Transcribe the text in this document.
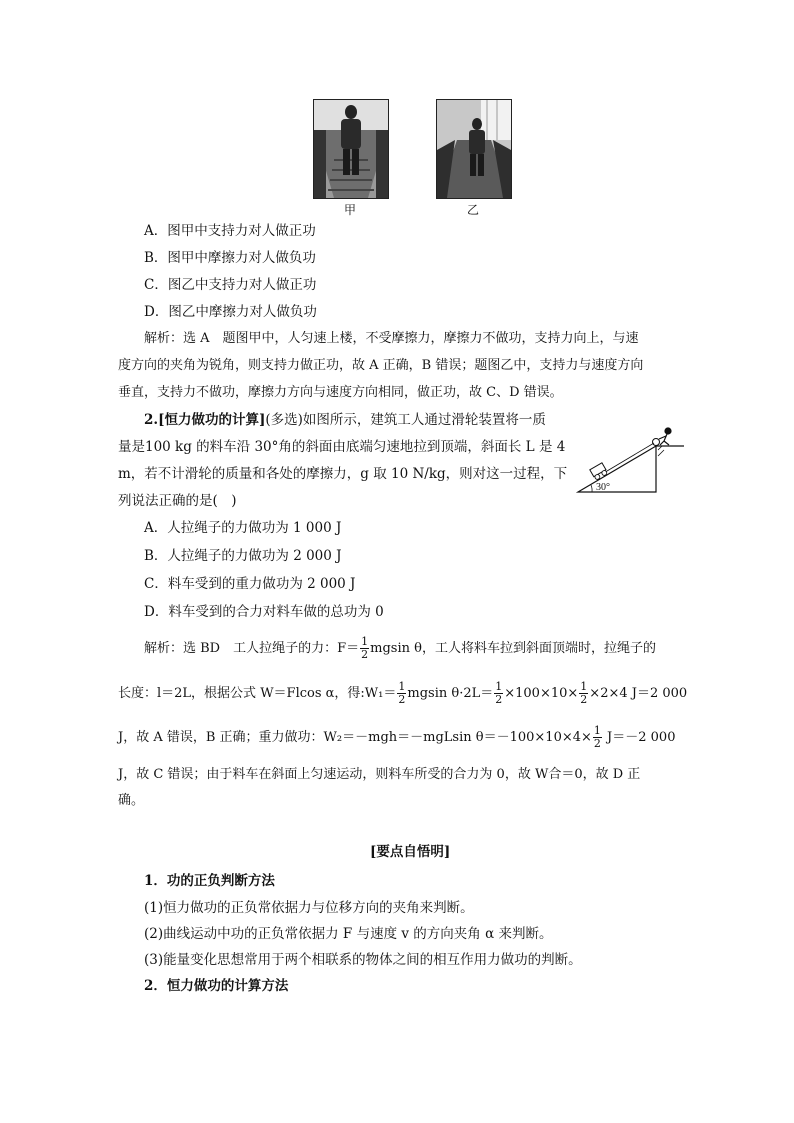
甲	乙
A．图甲中支持力对人做正功
B．图甲中摩擦力对人做负功
C．图乙中支持力对人做正功
D．图乙中摩擦力对人做负功
解析：选 A　题图甲中，人匀速上楼，不受摩擦力，摩擦力不做功，支持力向上，与速
度方向的夹角为锐角，则支持力做正功，故 A 正确，B 错误；题图乙中，支持力与速度方向
垂直，支持力不做功，摩擦力方向与速度方向相同，做正功，故 C、D 错误。
2.[恒力做功的计算](多选)如图所示，建筑工人通过滑轮装置将一质
量是100 kg 的料车沿 30°角的斜面由底端匀速地拉到顶端，斜面长 L 是 4
m，若不计滑轮的质量和各处的摩擦力，g 取 10 N/kg，则对这一过程，下
列说法正确的是(　)
30°
A．人拉绳子的力做功为 1 000 J
B．人拉绳子的力做功为 2 000 J
C．料车受到的重力做功为 2 000 J
D．料车受到的合力对料车做的总功为 0
解析：选 BD　工人拉绳子的力：$F= \frac{1}{2}$ mgsin θ，工人将料车拉到斜面顶端时，拉绳子的
长度：l＝2L，根据公式 W＝Flcos α，得:W₁＝ $\frac{1}{2}$ mgsin $\theta\cdot 2L= \frac{1}{2} \times 100\times 10\times \frac{1}{2} \times 2\times 4$ J＝2 000
J，故 A 错误，B 正确；重力做功：W₂＝－mgh＝－mgLsin $\theta=-100\times 10\times 4\times \frac{1}{2} J=-2$ 000
J，故 C 错误；由于料车在斜面上匀速运动，则料车所受的合力为 0，故 W合＝0，故 D 正
确。
[要点自悟明]
1．功的正负判断方法
(1)恒力做功的正负常依据力与位移方向的夹角来判断。
(2)曲线运动中功的正负常依据力 F 与速度 v 的方向夹角 α 来判断。
(3)能量变化思想常用于两个相联系的物体之间的相互作用力做功的判断。
2．恒力做功的计算方法
